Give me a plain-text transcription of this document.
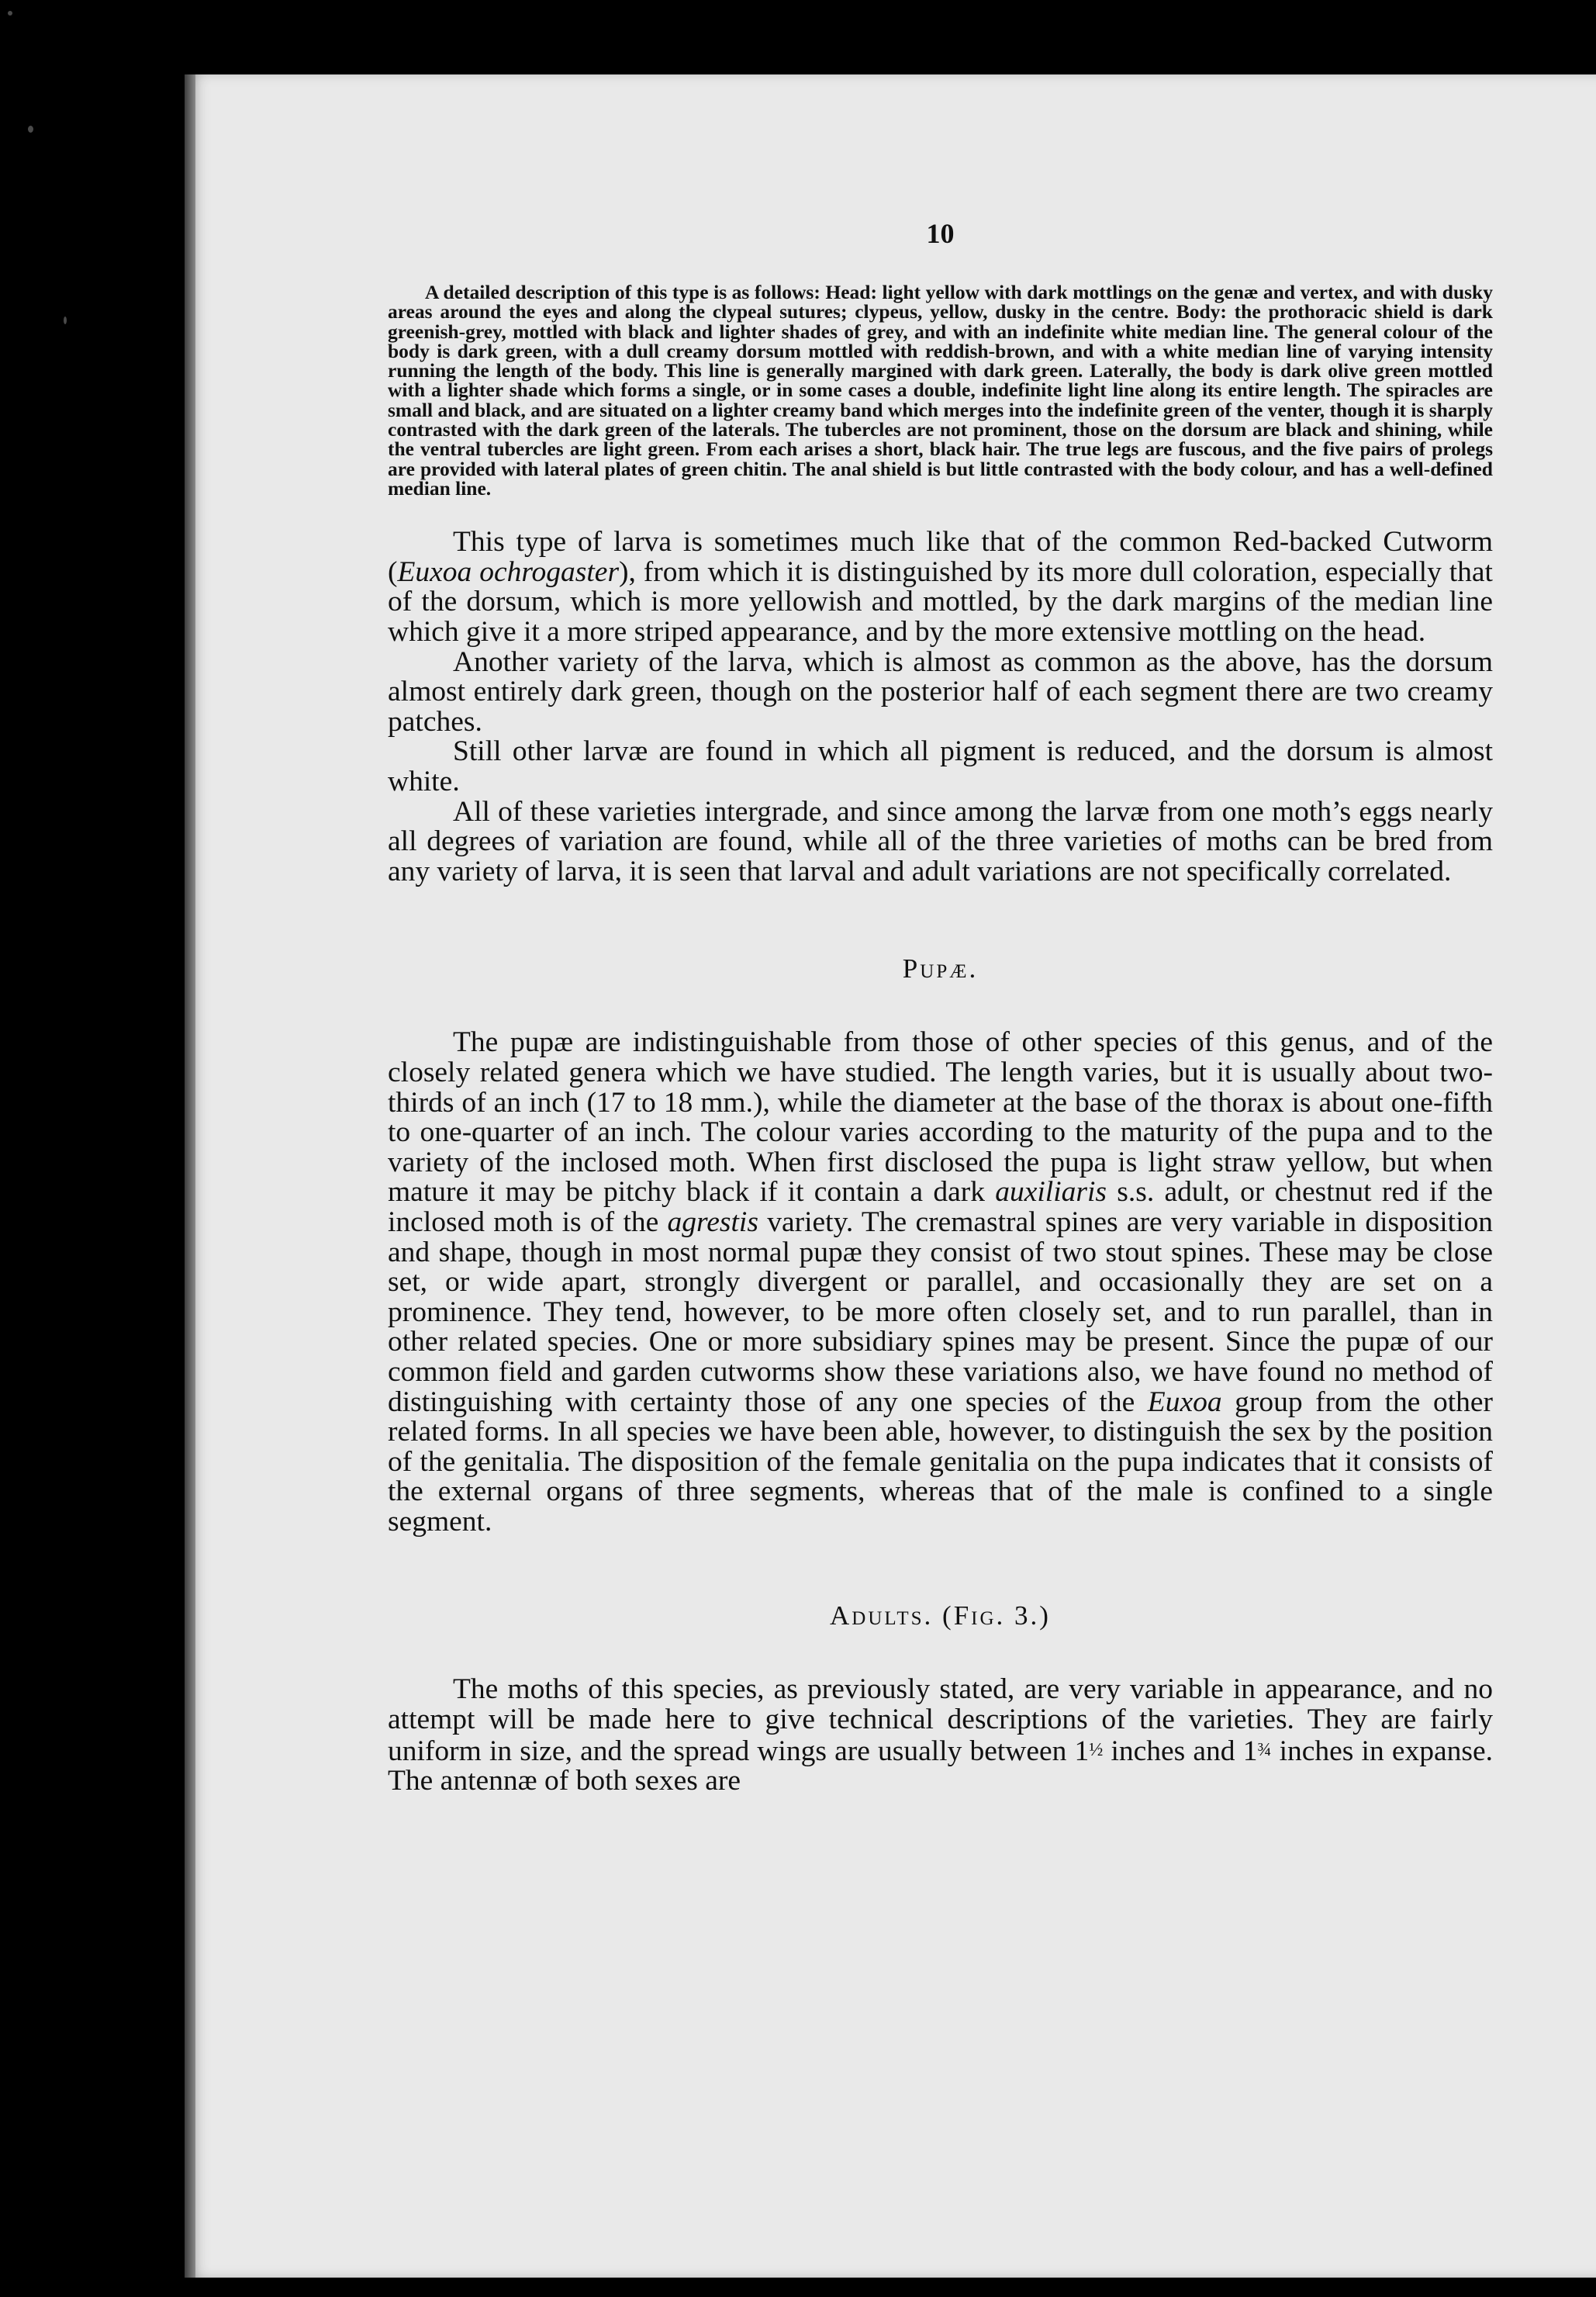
10

A detailed description of this type is as follows: Head: light yellow with dark mottlings on the genæ and vertex, and with dusky areas around the eyes and along the clypeal sutures; clypeus, yellow, dusky in the centre. Body: the prothoracic shield is dark greenish-grey, mottled with black and lighter shades of grey, and with an indefinite white median line. The general colour of the body is dark green, with a dull creamy dorsum mottled with reddish-brown, and with a white median line of varying intensity running the length of the body. This line is generally margined with dark green. Laterally, the body is dark olive green mottled with a lighter shade which forms a single, or in some cases a double, indefinite light line along its entire length. The spiracles are small and black, and are situated on a lighter creamy band which merges into the indefinite green of the venter, though it is sharply contrasted with the dark green of the laterals. The tubercles are not prominent, those on the dorsum are black and shining, while the ventral tubercles are light green. From each arises a short, black hair. The true legs are fuscous, and the five pairs of prolegs are provided with lateral plates of green chitin. The anal shield is but little contrasted with the body colour, and has a well-defined median line.

This type of larva is sometimes much like that of the common Red-backed Cutworm (Euxoa ochrogaster), from which it is distinguished by its more dull coloration, especially that of the dorsum, which is more yellowish and mottled, by the dark margins of the median line which give it a more striped appearance, and by the more extensive mottling on the head.

Another variety of the larva, which is almost as common as the above, has the dorsum almost entirely dark green, though on the posterior half of each segment there are two creamy patches.

Still other larvæ are found in which all pigment is reduced, and the dorsum is almost white.

All of these varieties intergrade, and since among the larvæ from one moth’s eggs nearly all degrees of variation are found, while all of the three varieties of moths can be bred from any variety of larva, it is seen that larval and adult variations are not specifically correlated.

Pupæ.

The pupæ are indistinguishable from those of other species of this genus, and of the closely related genera which we have studied. The length varies, but it is usually about two-thirds of an inch (17 to 18 mm.), while the diameter at the base of the thorax is about one-fifth to one-quarter of an inch. The colour varies according to the maturity of the pupa and to the variety of the inclosed moth. When first disclosed the pupa is light straw yellow, but when mature it may be pitchy black if it contain a dark auxiliaris s.s. adult, or chestnut red if the inclosed moth is of the agrestis variety. The cremastral spines are very variable in disposition and shape, though in most normal pupæ they consist of two stout spines. These may be close set, or wide apart, strongly divergent or parallel, and occasionally they are set on a prominence. They tend, however, to be more often closely set, and to run parallel, than in other related species. One or more subsidiary spines may be present. Since the pupæ of our common field and garden cutworms show these variations also, we have found no method of distinguishing with certainty those of any one species of the Euxoa group from the other related forms. In all species we have been able, however, to distinguish the sex by the position of the genitalia. The disposition of the female genitalia on the pupa indicates that it consists of the external organs of three segments, whereas that of the male is confined to a single segment.

Adults. (Fig. 3.)

The moths of this species, as previously stated, are very variable in appearance, and no attempt will be made here to give technical descriptions of the varieties. They are fairly uniform in size, and the spread wings are usually between 1½ inches and 1¾ inches in expanse. The antennæ of both sexes are
